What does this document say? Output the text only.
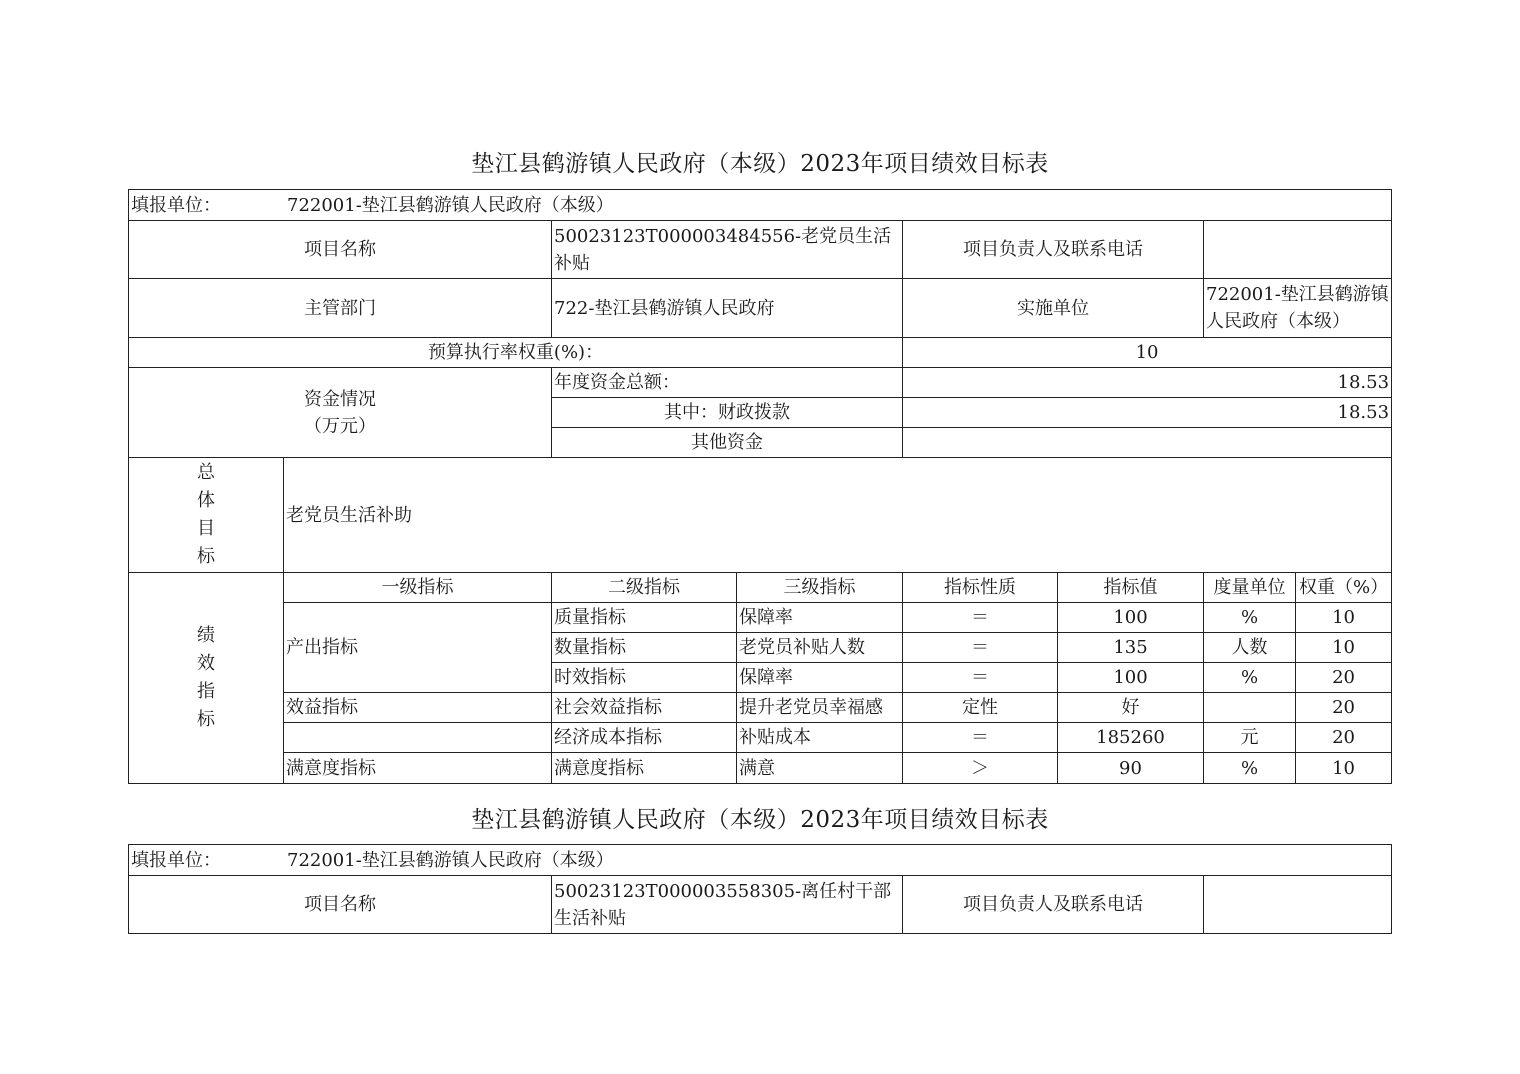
垫江县鹤游镇人民政府（本级）2023年项目绩效目标表
填报单位： 722001-垫江县鹤游镇人民政府（本级）							
项目名称		50023123T000003484556-老党员生活补贴		项目负责人及联系电话			
主管部门		722-垫江县鹤游镇人民政府		实施单位		722001-垫江县鹤游镇人民政府（本级）	
预算执行率权重(%)：				10			

资金情况
（万元）		年度资金总额：		18.53			
		其中：财政拨款		18.53			
		其他资金					

总
体
目
标	老党员生活补助						

绩
效
指
标	一级指标	二级指标	三级指标	指标性质	指标值	度量单位	权重（%）
	产出指标	质量指标	保障率	＝	100	%	10
		数量指标	老党员补贴人数	＝	135	人数	10
		时效指标	保障率	＝	100	%	20
	效益指标	社会效益指标	提升老党员幸福感	定性	好		20
		经济成本指标	补贴成本	＝	185260	元	20
	满意度指标	满意度指标	满意	＞	90	%	10
垫江县鹤游镇人民政府（本级）2023年项目绩效目标表
填报单位：	722001-垫江县鹤游镇人民政府（本级）
项目名称	50023123T000003558305-离任村干部生活补贴	项目负责人及联系电话	
